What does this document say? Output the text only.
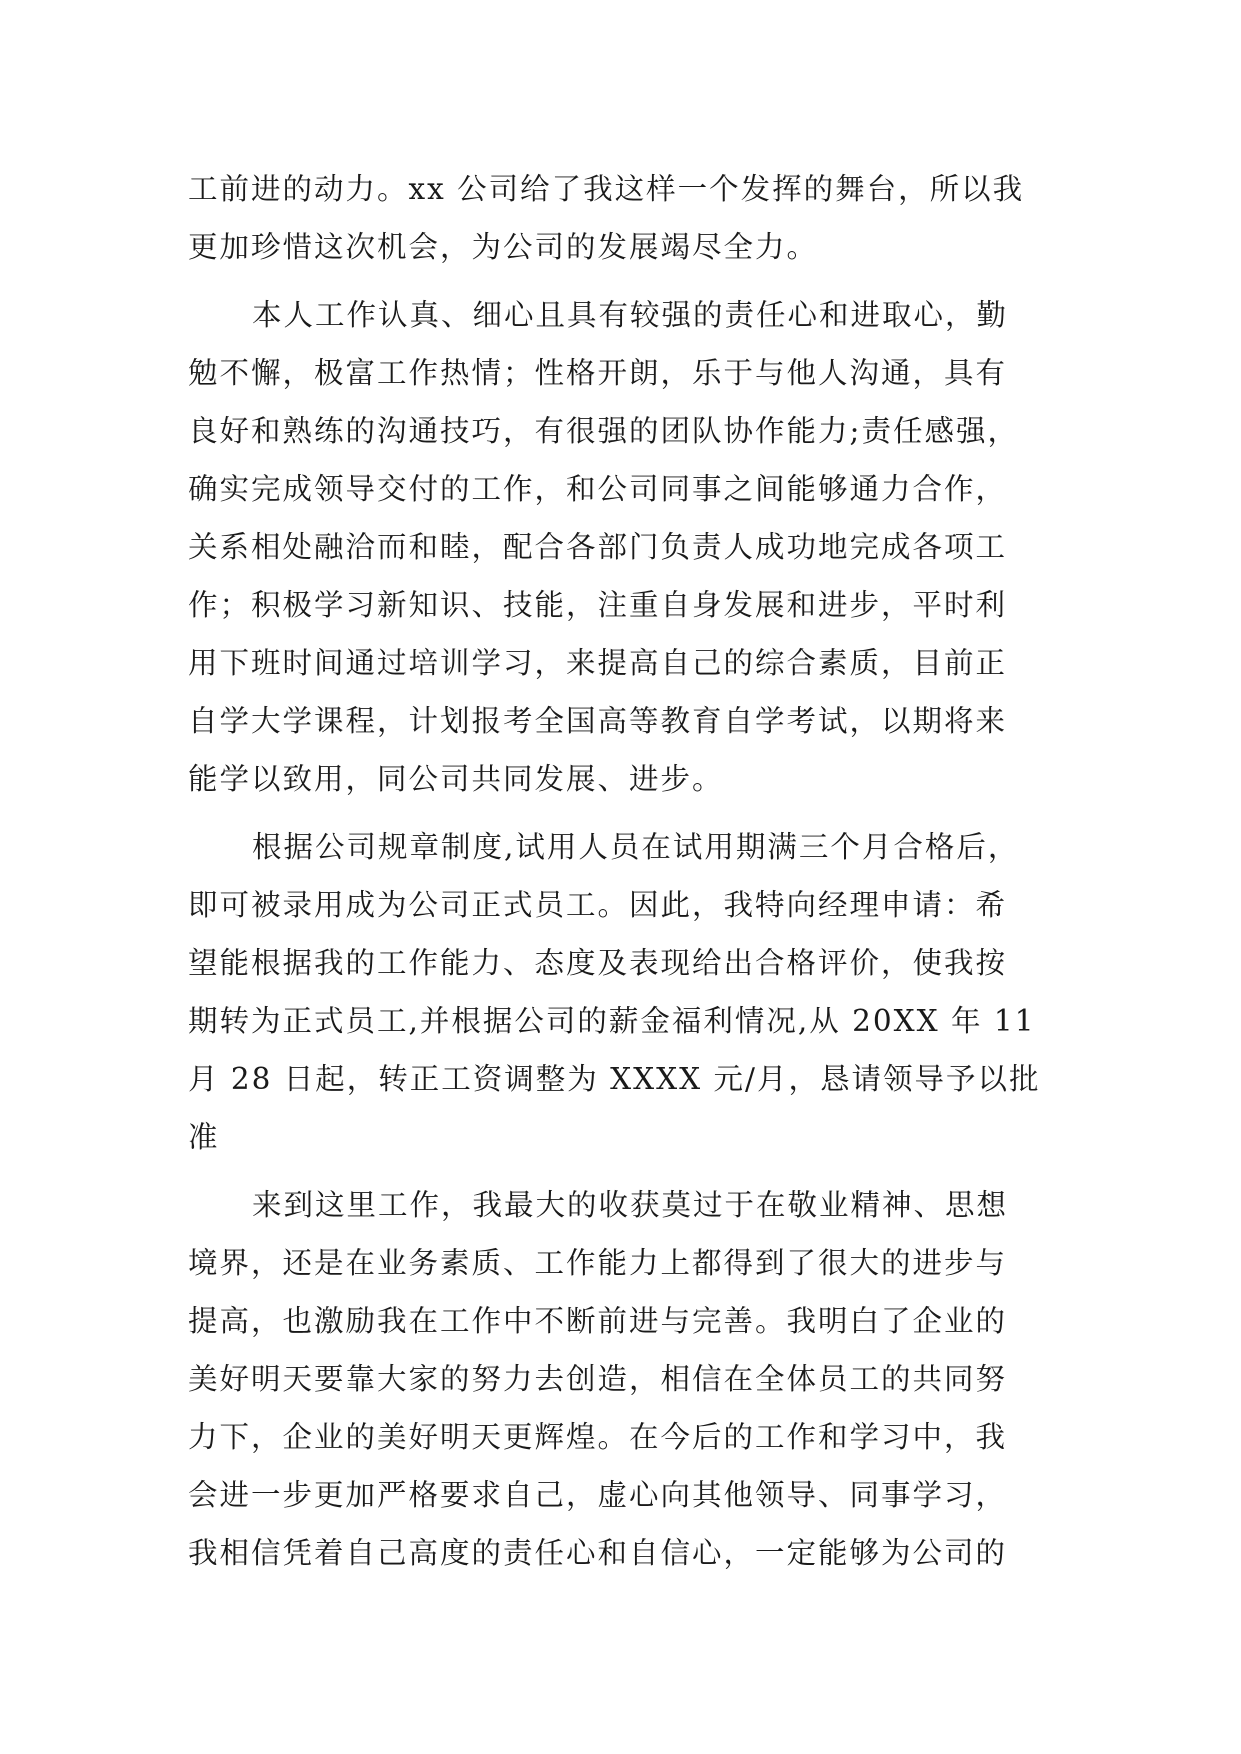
工前进的动力。xx 公司给了我这样一个发挥的舞台，所以我
更加珍惜这次机会，为公司的发展竭尽全力。
本人工作认真、细心且具有较强的责任心和进取心，勤
勉不懈，极富工作热情；性格开朗，乐于与他人沟通，具有
良好和熟练的沟通技巧，有很强的团队协作能力;责任感强，
确实完成领导交付的工作，和公司同事之间能够通力合作，
关系相处融洽而和睦，配合各部门负责人成功地完成各项工
作；积极学习新知识、技能，注重自身发展和进步，平时利
用下班时间通过培训学习，来提高自己的综合素质，目前正
自学大学课程，计划报考全国高等教育自学考试，以期将来
能学以致用，同公司共同发展、进步。
根据公司规章制度,试用人员在试用期满三个月合格后，
即可被录用成为公司正式员工。因此，我特向经理申请：希
望能根据我的工作能力、态度及表现给出合格评价，使我按
期转为正式员工,并根据公司的薪金福利情况,从 20XX 年 11
月 28 日起，转正工资调整为 XXXX 元/月，恳请领导予以批
准
来到这里工作，我最大的收获莫过于在敬业精神、思想
境界，还是在业务素质、工作能力上都得到了很大的进步与
提高，也激励我在工作中不断前进与完善。我明白了企业的
美好明天要靠大家的努力去创造，相信在全体员工的共同努
力下，企业的美好明天更辉煌。在今后的工作和学习中，我
会进一步更加严格要求自己，虚心向其他领导、同事学习，
我相信凭着自己高度的责任心和自信心，一定能够为公司的
